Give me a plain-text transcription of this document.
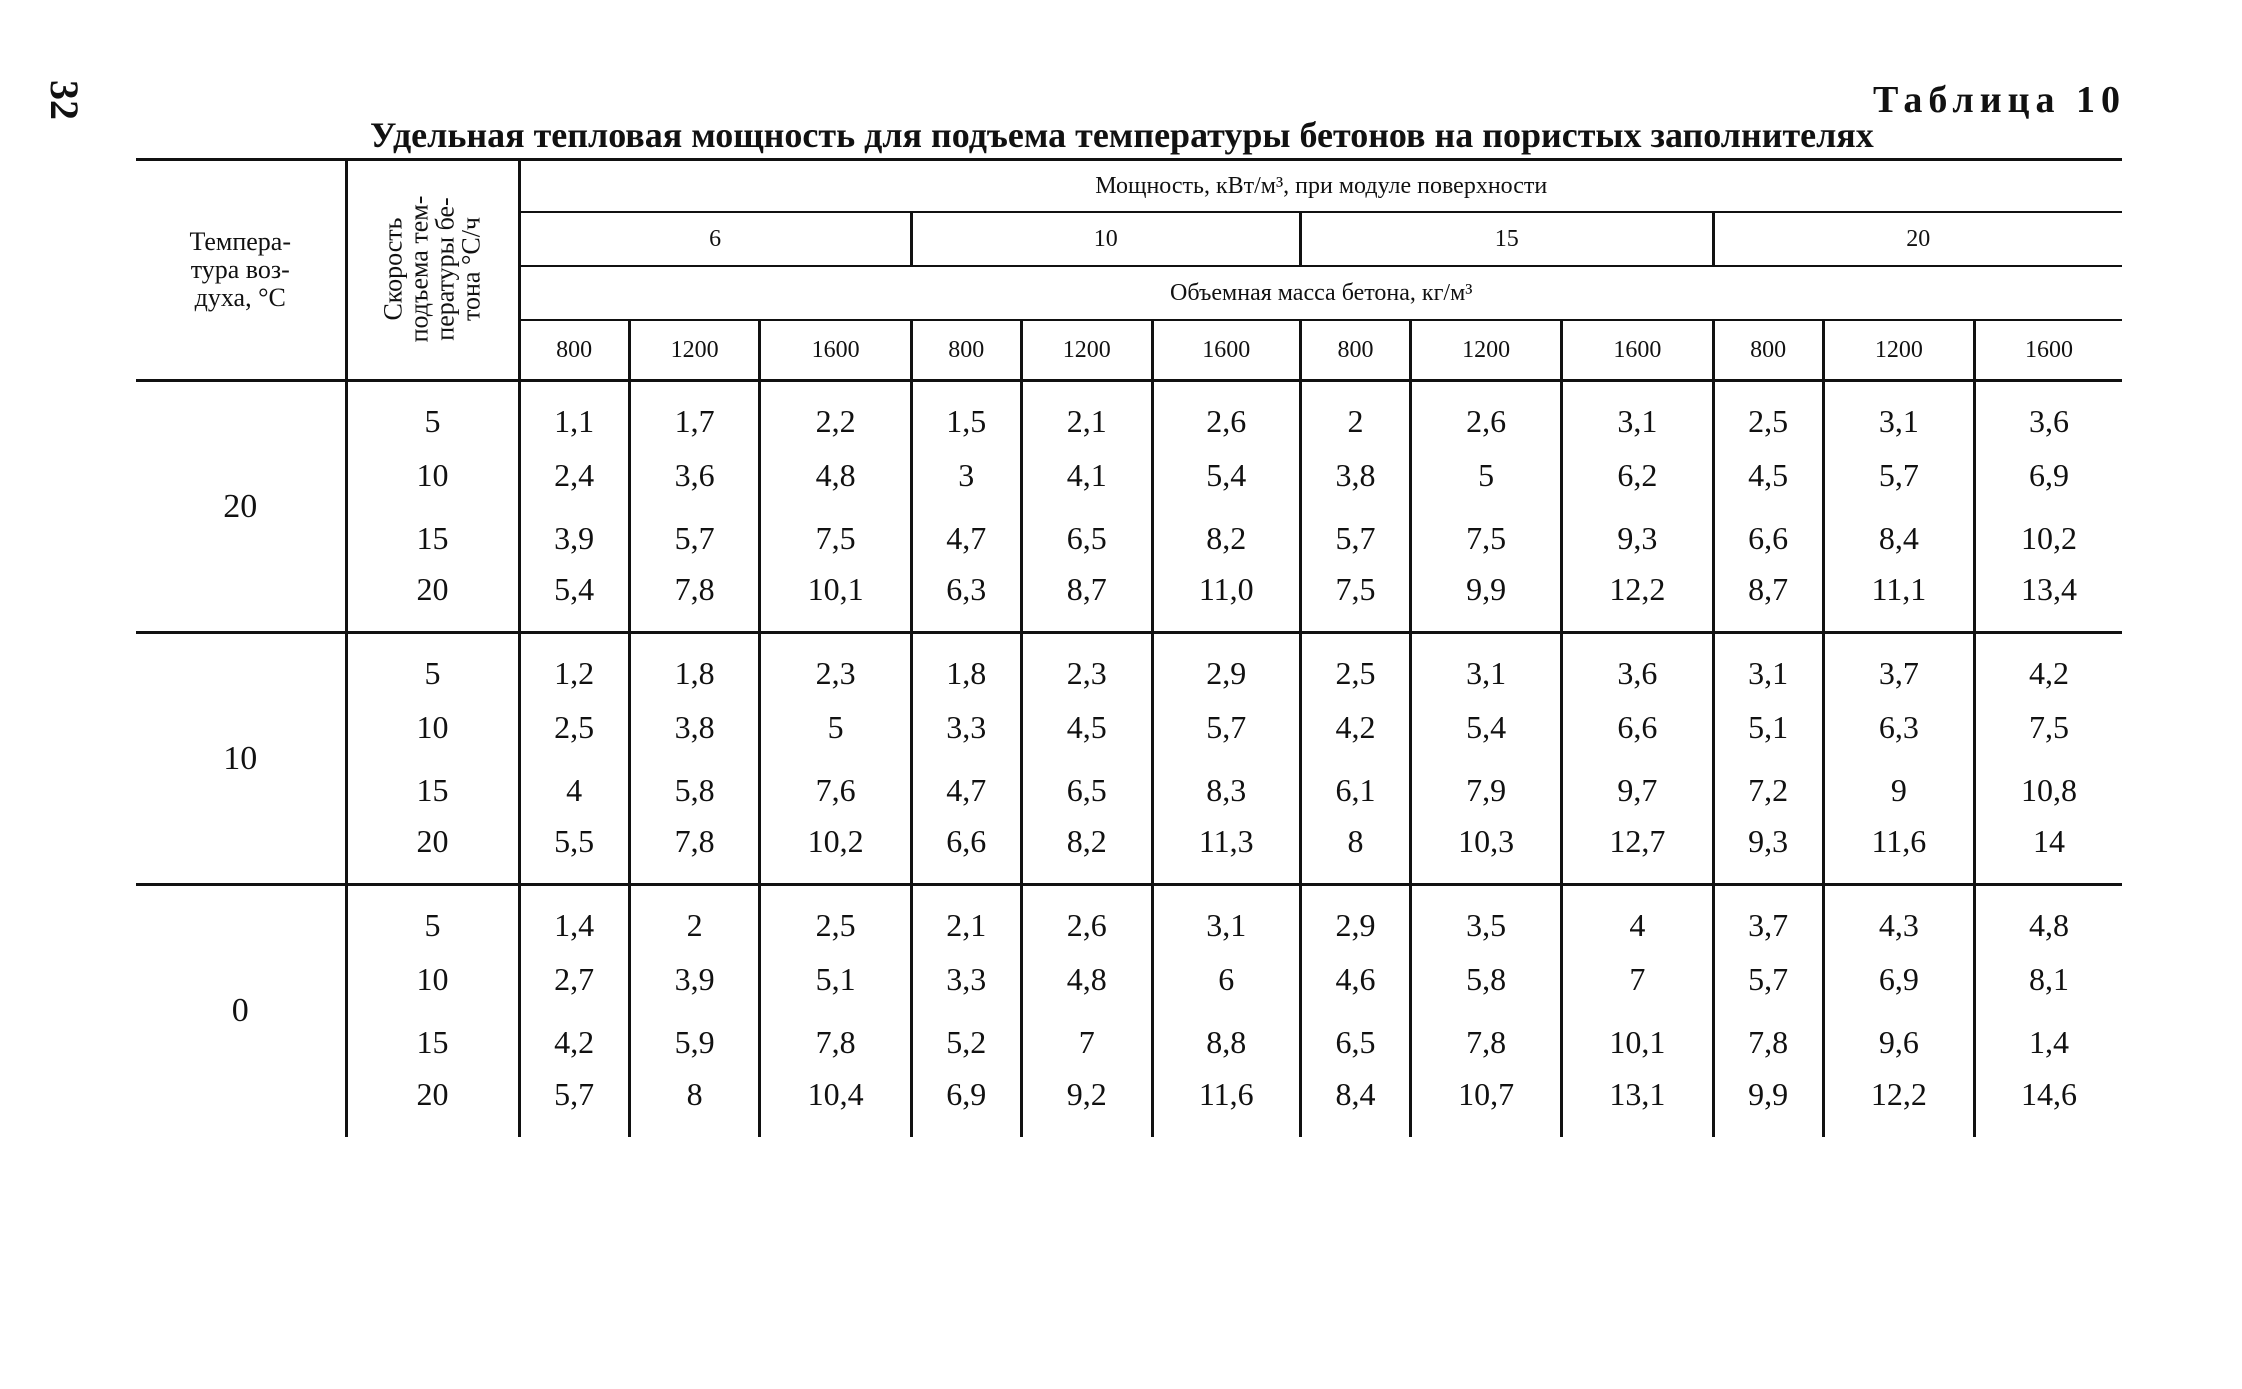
32	Таблица 10
Удельная тепловая мощность для подъема температуры бетонов на пористых заполнителях
Темпера-
тура воз-
духа, °С	Скорость
подъема тем-
пературы бе-
тона °С/ч	Мощность, кВт/м³, при модуле поверхности											
		6			10			15			20		
		Объемная масса бетона, кг/м³											
		800	1200	1600	800	1200	1600	800	1200	1600	800	1200	1600
20	5	1,1	1,7	2,2	1,5	2,1	2,6	2	2,6	3,1	2,5	3,1	3,6
	10	2,4	3,6	4,8	3	4,1	5,4	3,8	5	6,2	4,5	5,7	6,9
	15	3,9	5,7	7,5	4,7	6,5	8,2	5,7	7,5	9,3	6,6	8,4	10,2
	20	5,4	7,8	10,1	6,3	8,7	11,0	7,5	9,9	12,2	8,7	11,1	13,4
10	5	1,2	1,8	2,3	1,8	2,3	2,9	2,5	3,1	3,6	3,1	3,7	4,2
	10	2,5	3,8	5	3,3	4,5	5,7	4,2	5,4	6,6	5,1	6,3	7,5
	15	4	5,8	7,6	4,7	6,5	8,3	6,1	7,9	9,7	7,2	9	10,8
	20	5,5	7,8	10,2	6,6	8,2	11,3	8	10,3	12,7	9,3	11,6	14
0	5	1,4	2	2,5	2,1	2,6	3,1	2,9	3,5	4	3,7	4,3	4,8
	10	2,7	3,9	5,1	3,3	4,8	6	4,6	5,8	7	5,7	6,9	8,1
	15	4,2	5,9	7,8	5,2	7	8,8	6,5	7,8	10,1	7,8	9,6	1,4
	20	5,7	8	10,4	6,9	9,2	11,6	8,4	10,7	13,1	9,9	12,2	14,6
